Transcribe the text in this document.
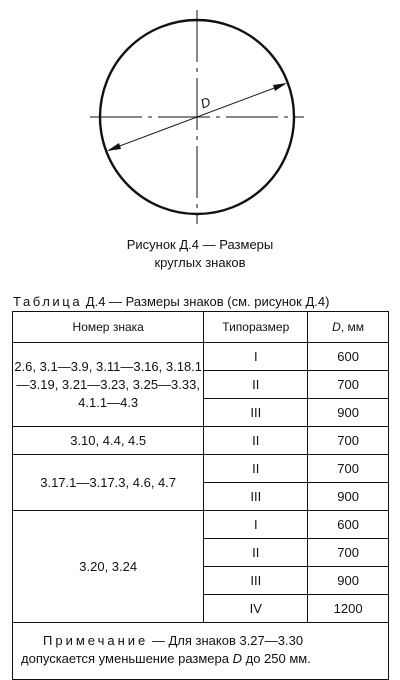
D
Рисунок Д.4 — Размеры
круглых знаков
Таблица Д.4 — Размеры знаков (см. рисунок Д.4)
Номер знака	Типоразмер	D, мм
2.6, 3.1—3.9, 3.11—3.16, 3.18.1—3.19, 3.21—3.23, 3.25—3.33, 4.1.1—4.3	I	600
	II	700
	III	900
3.10, 4.4, 4.5	II	700
3.17.1—3.17.3, 4.6, 4.7	II	700
	III	900
3.20, 3.24	I	600
	II	700
	III	900
	IV	1200

Примечание — Для знаков 3.27—3.30
допускается уменьшение размера D до 250 мм.		
